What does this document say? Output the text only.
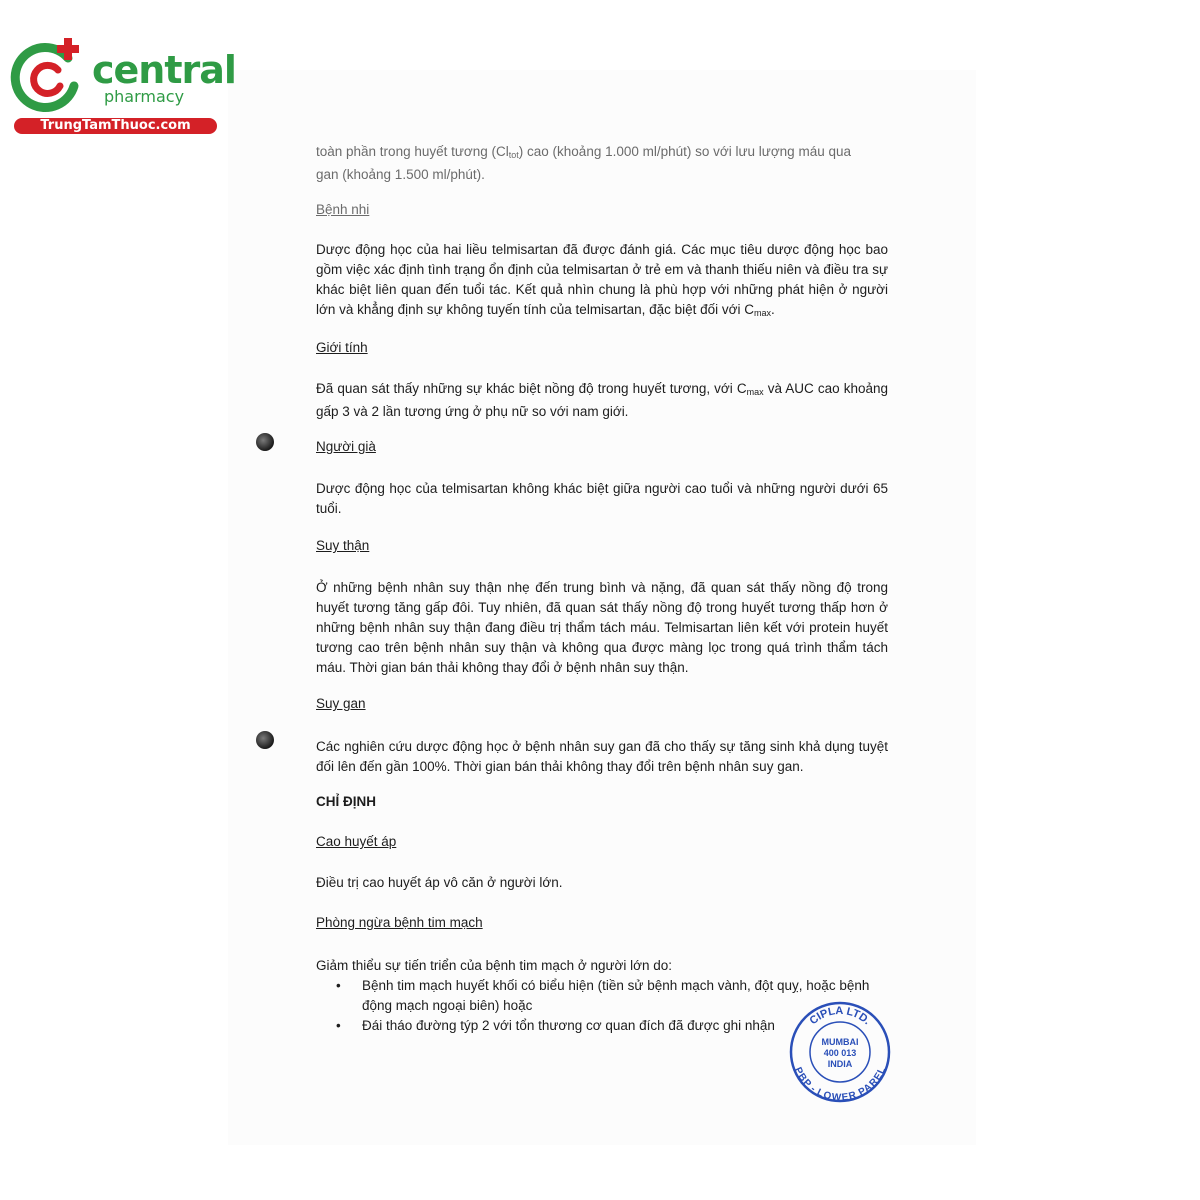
central
pharmacy
TrungTamThuoc.com
toàn phần trong huyết tương $(Cl_{tot})$ cao (khoảng 1.000 ml/phút) so với lưu lượng máu qua
gan (khoảng 1.500 ml/phút).
Bệnh nhi
Dược động học của hai liều telmisartan đã được đánh giá. Các mục tiêu dược động học bao gồm việc xác định tình trạng ổn định của telmisartan ở trẻ em và thanh thiếu niên và điều tra sự khác biệt liên quan đến tuổi tác. Kết quả nhìn chung là phù hợp với những phát hiện ở người lớn và khẳng định sự không tuyến tính của telmisartan, đặc biệt đối với $C_{max}$.
Giới tính
Đã quan sát thấy những sự khác biệt nồng độ trong huyết tương, với $C_{max}$ và AUC cao khoảng gấp 3 và 2 lần tương ứng ở phụ nữ so với nam giới.
Người già
Dược động học của telmisartan không khác biệt giữa người cao tuổi và những người dưới 65 tuổi.
Suy thận
Ở những bệnh nhân suy thận nhẹ đến trung bình và nặng, đã quan sát thấy nồng độ trong huyết tương tăng gấp đôi. Tuy nhiên, đã quan sát thấy nồng độ trong huyết tương thấp hơn ở những bệnh nhân suy thận đang điều trị thẩm tách máu. Telmisartan liên kết với protein huyết tương cao trên bệnh nhân suy thận và không qua được màng lọc trong quá trình thẩm tách máu. Thời gian bán thải không thay đổi ở bệnh nhân suy thận.
Suy gan
Các nghiên cứu dược động học ở bệnh nhân suy gan đã cho thấy sự tăng sinh khả dụng tuyệt đối lên đến gần 100%. Thời gian bán thải không thay đổi trên bệnh nhân suy gan.
CHỈ ĐỊNH
Cao huyết áp
Điều trị cao huyết áp vô căn ở người lớn.
Phòng ngừa bệnh tim mạch
Giảm thiểu sự tiến triển của bệnh tim mạch ở người lớn do:
• Bệnh tim mạch huyết khối có biểu hiện (tiền sử bệnh mạch vành, đột quỵ, hoặc bệnh động mạch ngoại biên) hoặc
• Đái tháo đường týp 2 với tổn thương cơ quan đích đã được ghi nhận	CIPLA LTD.
PBP - LOWER PAREL
MUMBAI
400 013
INDIA
